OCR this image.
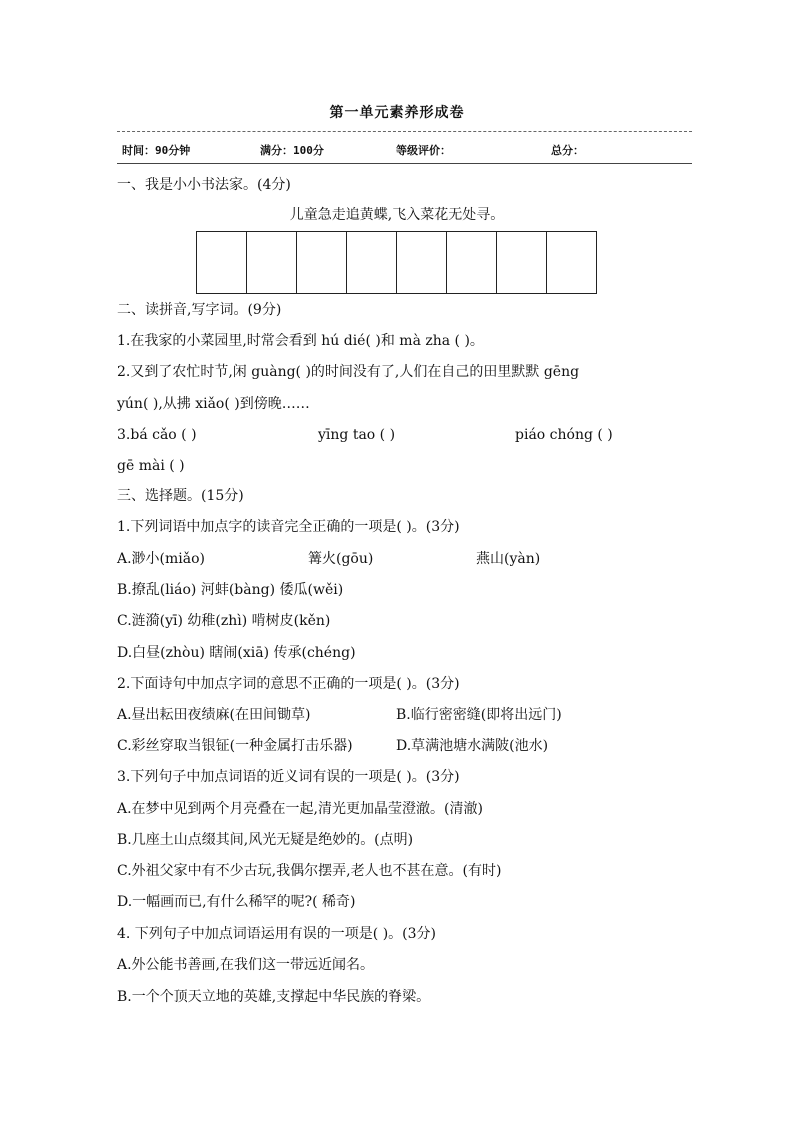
第一单元素养形成卷
时间：90分钟	满分：100分	等级评价：	总分：
一、我是小小书法家。(4分)
儿童急走追黄蝶,飞入菜花无处寻。
二、读拼音,写字词。(9分)
1.在我家的小菜园里,时常会看到 hú dié( )和 mà zha ( )。
2.又到了农忙时节,闲 guàng( )的时间没有了,人们在自己的田里默默 gēng
yún( ),从拂 xiǎo( )到傍晚……
3.bá cǎo ( )	yīng tao ( )	piáo chóng ( )
gē mài ( )
三、选择题。(15分)
1.下列词语中加点字的读音完全正确的一项是( )。(3分)
A.渺小(miǎo)	篝火(gōu)	燕山(yàn)
B.撩乱(liáo) 河蚌(bàng) 倭瓜(wěi)
C.涟漪(yī) 幼稚(zhì) 啃树皮(kěn)
D.白昼(zhòu) 瞎闹(xiā) 传承(chéng)
2.下面诗句中加点字词的意思不正确的一项是( )。(3分)
A.昼出耘田夜绩麻(在田间锄草)	B.临行密密缝(即将出远门)
C.彩丝穿取当银钲(一种金属打击乐器)	D.草满池塘水满陂(池水)
3.下列句子中加点词语的近义词有误的一项是( )。(3分)
A.在梦中见到两个月亮叠在一起,清光更加晶莹澄澈。(清澈)
B.几座土山点缀其间,风光无疑是绝妙的。(点明)
C.外祖父家中有不少古玩,我偶尔摆弄,老人也不甚在意。(有时)
D.一幅画而已,有什么稀罕的呢?( 稀奇)
4. 下列句子中加点词语运用有误的一项是( )。(3分)
A.外公能书善画,在我们这一带远近闻名。
B.一个个顶天立地的英雄,支撑起中华民族的脊梁。
